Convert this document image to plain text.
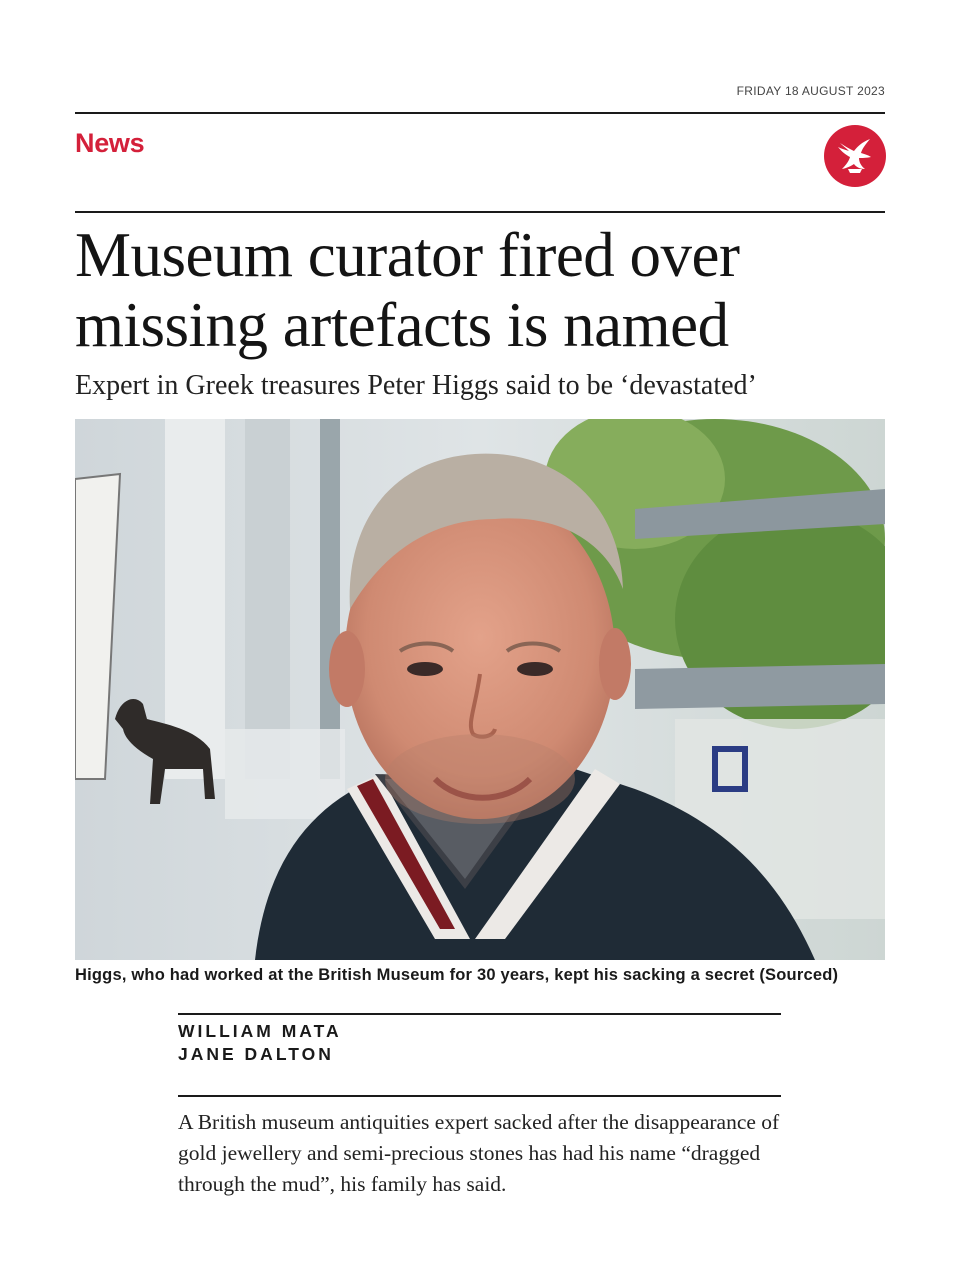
FRIDAY 18 AUGUST 2023
News
Museum curator fired over
missing artefacts is named
Expert in Greek treasures Peter Higgs said to be ‘devastated’
Higgs, who had worked at the British Museum for 30 years, kept his sacking a secret (Sourced)
WILLIAM MATA
JANE DALTON

A British museum antiquities expert sacked after the disappearance of gold jewellery and semi-precious stones has had his name “dragged through the mud”, his family has said.
